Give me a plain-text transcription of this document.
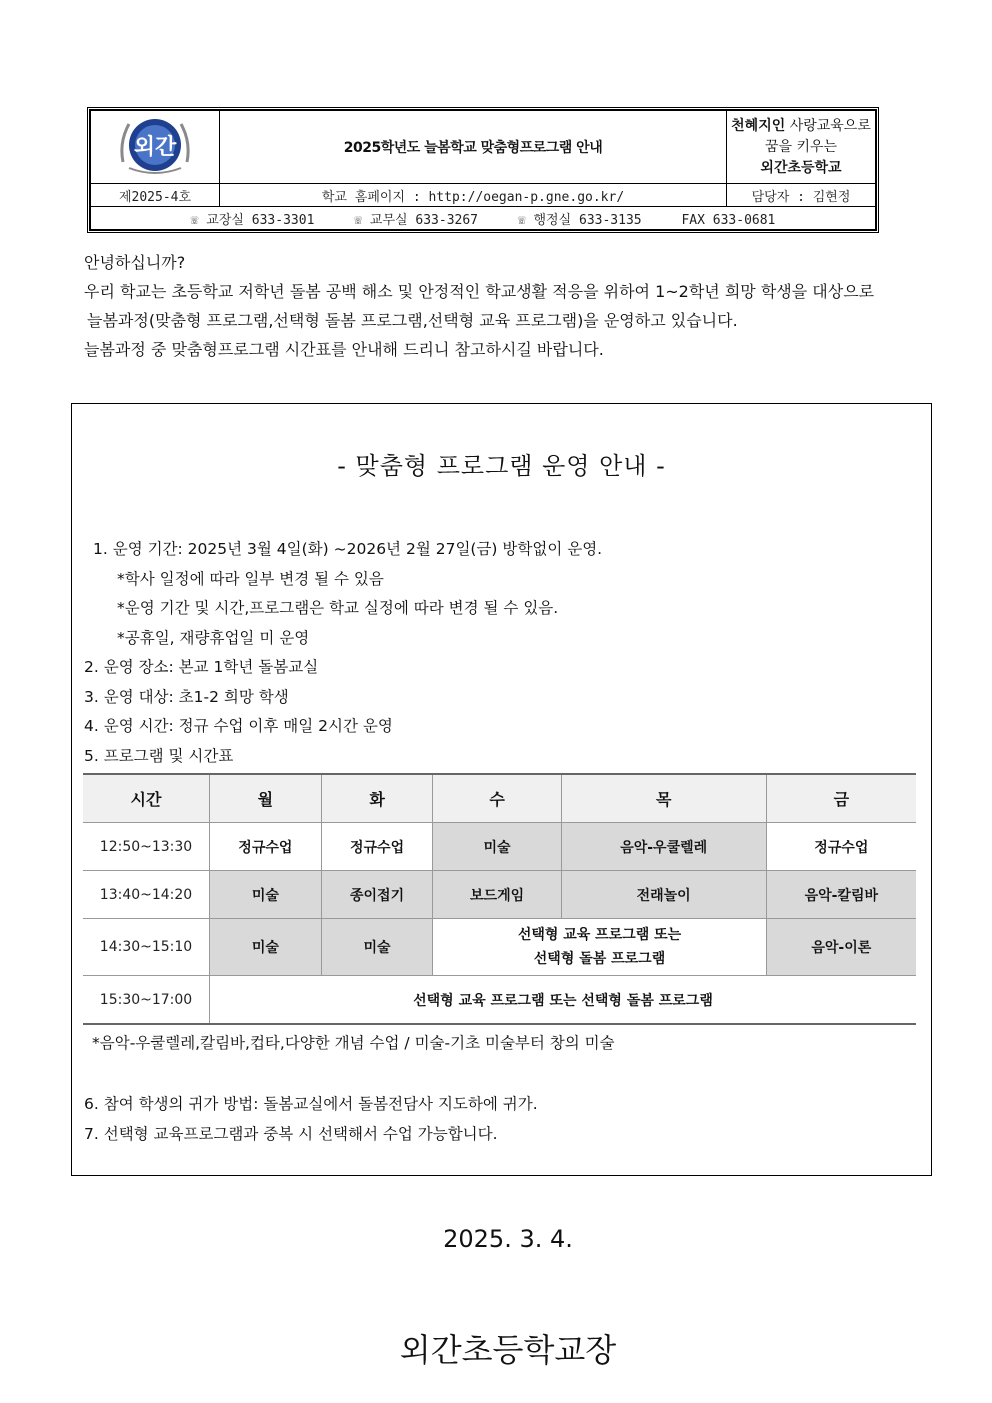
외간	2025학년도 늘봄학교 맞춤형프로그램 안내	천혜지인 사랑교육으로
꿈을 키우는
외간초등학교
제2025-4호	학교 홈페이지 : http://oegan-p.gne.go.kr/	담당자 : 김현정
☏ 교장실 633-3301 ☏ 교무실 633-3267 ☏ 행정실 633-3135 FAX 633-0681		

안녕하십니까?

우리 학교는 초등학교 저학년 돌봄 공백 해소 및 안정적인 학교생활 적응을 위하여 1~2학년 희망 학생을 대상으로

늘봄과정(맞춤형 프로그램,선택형 돌봄 프로그램,선택형 교육 프로그램)을 운영하고 있습니다.

늘봄과정 중 맞춤형프로그램 시간표를 안내해 드리니 참고하시길 바랍니다.

- 맞춤형 프로그램 운영 안내 -

1. 운영 기간: 2025년 3월 4일(화) ~2026년 2월 27일(금) 방학없이 운영.

*학사 일정에 따라 일부 변경 될 수 있음

*운영 기간 및 시간,프로그램은 학교 실정에 따라 변경 될 수 있음.

*공휴일, 재량휴업일 미 운영

2. 운영 장소: 본교 1학년 돌봄교실

3. 운영 대상: 초1-2 희망 학생

4. 운영 시간: 정규 수업 이후 매일 2시간 운영

5. 프로그램 및 시간표

시간	월	화	수	목	금
12:50~13:30	정규수업	정규수업	미술	음악-우쿨렐레	정규수업
13:40~14:20	미술	종이접기	보드게임	전래놀이	음악-칼림바
14:30~15:10	미술	미술	선택형 교육 프로그램 또는
선택형 돌봄 프로그램		음악-이론
15:30~17:00	선택형 교육 프로그램 또는 선택형 돌봄 프로그램				
*음악-우쿨렐레,칼림바,컵타,다양한 개념 수업 / 미술-기초 미술부터 창의 미술

6. 참여 학생의 귀가 방법: 돌봄교실에서 돌봄전담사 지도하에 귀가.

7. 선택형 교육프로그램과 중복 시 선택해서 수업 가능합니다.

2025. 3. 4.
외간초등학교장
